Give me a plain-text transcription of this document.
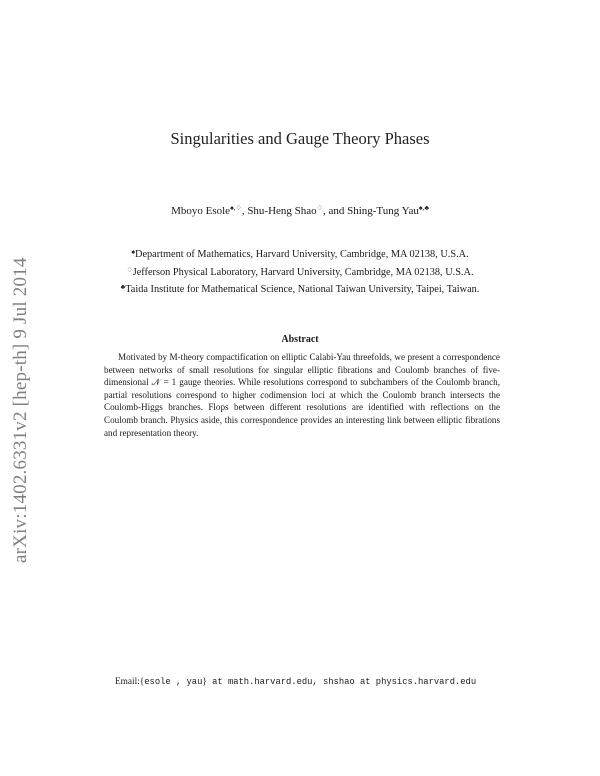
arXiv:1402.6331v2 [hep-th] 9 Jul 2014
Singularities and Gauge Theory Phases
Mboyo Esole♠,♢, Shu-Heng Shao♢, and Shing-Tung Yau♠,♣
♠Department of Mathematics, Harvard University, Cambridge, MA 02138, U.S.A.
♢Jefferson Physical Laboratory, Harvard University, Cambridge, MA 02138, U.S.A.
♣Taida Institute for Mathematical Science, National Taiwan University, Taipei, Taiwan.
Abstract
Motivated by M-theory compactification on elliptic Calabi-Yau threefolds, we present a correspondence between networks of small resolutions for singular elliptic fibrations and Coulomb branches of five-dimensional 𝒩 = 1 gauge theories. While resolutions correspond to subchambers of the Coulomb branch, partial resolutions correspond to higher codimension loci at which the Coulomb branch intersects the Coulomb-Higgs branches. Flops between different resolutions are identified with reflections on the Coulomb branch. Physics aside, this correspondence provides an interesting link between elliptic fibrations and representation theory.
Email:{esole , yau} at math.harvard.edu, shshao at physics.harvard.edu
